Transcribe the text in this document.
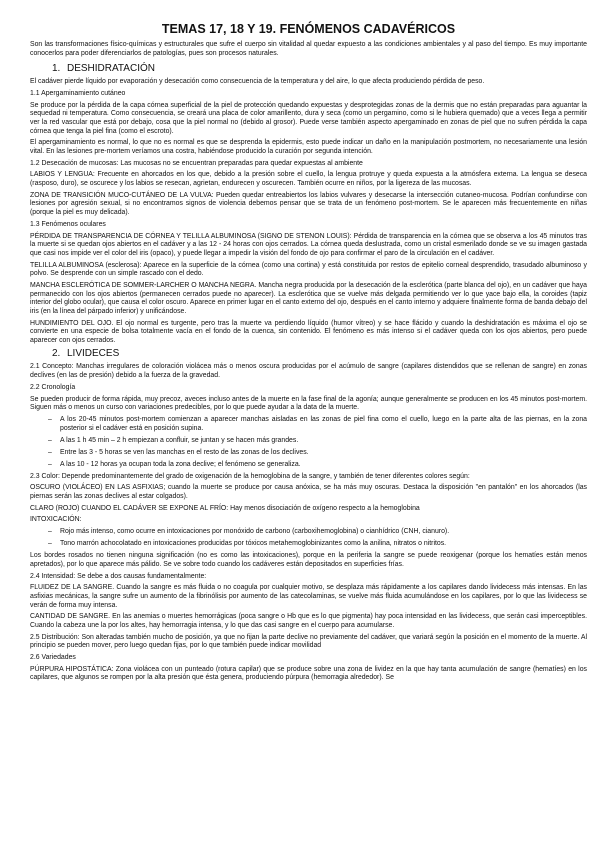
TEMAS 17, 18 Y 19. FENÓMENOS CADAVÉRICOS

Son las transformaciones físico-químicas y estructurales que sufre el cuerpo sin vitalidad al quedar expuesto a las condiciones ambientales y al paso del tiempo. Es muy importante conocerlos para poder diferenciarlos de patologías, pues son procesos naturales.

1. DESHIDRATACIÓN

El cadáver pierde líquido por evaporación y desecación como consecuencia de la temperatura y del aire, lo que afecta produciendo pérdida de peso.

1.1 Apergaminamiento cutáneo

Se produce por la pérdida de la capa córnea superficial de la piel de protección quedando expuestas y desprotegidas zonas de la dermis que no están preparadas para aguantar la sequedad ni temperatura. Como consecuencia, se creará una placa de color amarillento, dura y seca (como un pergamino, como si le hubiera quemado) que a veces llega a permitir ver la red vascular que está por debajo, cosa que la piel normal no (debido al grosor). Puede verse también aspecto apergaminado en zonas de piel que no sufren pérdida la capa córnea que tenga la piel fina (como el escroto).

El apergaminamiento es normal, lo que no es normal es que se desprenda la epidermis, esto puede indicar un daño en la manipulación postmortem, no necesariamente una lesión vital. En las lesiones pre-mortem veríamos una costra, habiéndose producido la curación por segunda intención.

1.2 Desecación de mucosas: Las mucosas no se encuentran preparadas para quedar expuestas al ambiente

LABIOS Y LENGUA: Frecuente en ahorcados en los que, debido a la presión sobre el cuello, la lengua protruye y queda expuesta a la atmósfera externa. La lengua se deseca (rasposo, duro), se oscurece y los labios se resecan, agrietan, endurecen y oscurecen. También ocurre en niños, por la ligereza de las mucosas.

ZONA DE TRANSICIÓN MUCO-CUTÁNEO DE LA VULVA: Pueden quedar entreabiertos los labios vulvares y desecarse la intersección cutaneo-mucosa. Podrían confundirse con lesiones por agresión sexual, si no encontramos signos de violencia debemos pensar que se trata de un fenómeno post-mortem. Se le aparecen más frecuentemente en niñas (porque la piel es muy delicada).

1.3 Fenómenos oculares

PÉRDIDA DE TRANSPARENCIA DE CÓRNEA Y TELILLA ALBUMINOSA (SIGNO DE STENON LOUIS): Pérdida de transparencia en la córnea que se observa a los 45 minutos tras la muerte si se quedan ojos abiertos en el cadáver y a las 12 - 24 horas con ojos cerrados. La córnea queda deslustrada, como un cristal esmerilado donde se ve su imagen gastada que casi nos impide ver el color del iris (opaco), y puede llegar a impedir la visión del fondo de ojo para confirmar el paro de la circulación en el cadáver.

TELILLA ALBUMINOSA (esclerosa): Aparece en la superficie de la córnea (como una cortina) y está constituida por restos de epitelio corneal desprendido, trasudado albuminoso y polvo. Se desprende con un simple rascado con el dedo.

MANCHA ESCLERÓTICA DE SOMMER-LARCHER O MANCHA NEGRA. Mancha negra producida por la desecación de la esclerótica (parte blanca del ojo), en un cadáver que haya permanecido con los ojos abiertos (permanecen cerrados puede no aparecer). La esclerótica que se vuelve más delgada permitiendo ver lo que yace bajo ella, la coroides (tapiz interior del globo ocular), que causa el color oscuro. Aparece en primer lugar en el canto externo del ojo, después en el canto interno y adquiere finalmente forma de banda debajo del iris (en la línea del párpado inferior) y unificándose.

HUNDIMIENTO DEL OJO. El ojo normal es turgente, pero tras la muerte va perdiendo líquido (humor vítreo) y se hace flácido y cuando la deshidratación es máxima el ojo se convierte en una especie de bolsa totalmente vacía en el fondo de la cuenca, sin contenido. El fenómeno es más intenso si el cadáver queda con los ojos abiertos, pero puede aparecer con ojos cerrados.

2. LIVIDECES

2.1 Concepto: Manchas irregulares de coloración violácea más o menos oscura producidas por el acúmulo de sangre (capilares distendidos que se rellenan de sangre) en zonas declives (en las de presión) debido a la fuerza de la gravedad.

2.2 Cronología

Se pueden producir de forma rápida, muy precoz, aveces incluso antes de la muerte en la fase final de la agonía; aunque generalmente se producen en los 45 minutos post-mortem. Siguen más o menos un curso con variaciones predecibles, por lo que puede ayudar a la data de la muerte.

– A los 20-45 minutos post-mortem comienzan a aparecer manchas aisladas en las zonas de piel fina como el cuello, luego en la parte alta de las piernas, en la zona posterior si el cadáver está en posición supina.
– A las 1 h 45 min – 2 h empiezan a confluir, se juntan y se hacen más grandes.
– Entre las 3 - 5 horas se ven las manchas en el resto de las zonas de los declives.
– A las 10 - 12 horas ya ocupan toda la zona declive; el fenómeno se generaliza.

2.3 Color: Depende predominantemente del grado de oxigenación de la hemoglobina de la sangre, y también de tener diferentes colores según:

OSCURO (VIOLÁCEO) EN LAS ASFIXIAS; cuando la muerte se produce por causa anóxica, se ha más muy oscuras. Destaca la disposición "en pantalón" en los ahorcados (las piernas serán las zonas declives al estar colgados).

CLARO (ROJO) CUANDO EL CADÁVER SE EXPONE AL FRÍO: Hay menos disociación de oxígeno respecto a la hemoglobina

INTOXICACIÓN:

– Rojo más intenso, como ocurre en intoxicaciones por monóxido de carbono (carboxihemoglobina) o cianhídrico (CNH, cianuro).
– Tono marrón achocolatado en intoxicaciones producidas por tóxicos metahemoglobinizantes como la anilina, nitratos o nitritos.

Los bordes rosados no tienen ninguna significación (no es como las intoxicaciones), porque en la periferia la sangre se puede reoxigenar (porque los hematíes están menos apretados), por lo que aparece más pálido. Se ve sobre todo cuando los cadáveres están depositados en superficies frías.

2.4 Intensidad: Se debe a dos causas fundamentalmente:

FLUIDEZ DE LA SANGRE. Cuando la sangre es más fluida o no coagula por cualquier motivo, se desplaza más rápidamente a los capilares dando lividecess más intensas. En las asfixias mecánicas, la sangre sufre un aumento de la fibrinólisis por aumento de las catecolaminas, se vuelve más fluida acumulándose en los capilares, por lo que las lividecess se verán de forma muy intensa.

CANTIDAD DE SANGRE. En las anemias o muertes hemorrágicas (poca sangre o Hb que es lo que pigmenta) hay poca intensidad en las lividecess, que serán casi imperceptibles. Cuando la cabeza une la por los altes, hay hemorragia intensa, y lo que das casi sangre en el cuerpo para acumularse.

2.5 Distribución: Son alteradas también mucho de posición, ya que no fijan la parte declive no previamente del cadáver, que variará según la posición en el momento de la muerte. Al principio se pueden mover, pero luego quedan fijas, por lo que también puede indicar movilidad

2.6 Variedades

PÚRPURA HIPOSTÁTICA: Zona violácea con un punteado (rotura capilar) que se produce sobre una zona de lividez en la que hay tanta acumulación de sangre (hematíes) en los capilares, que algunos se rompen por la alta presión que ésta genera, produciendo púrpura (hemorragia alrededor). Se
